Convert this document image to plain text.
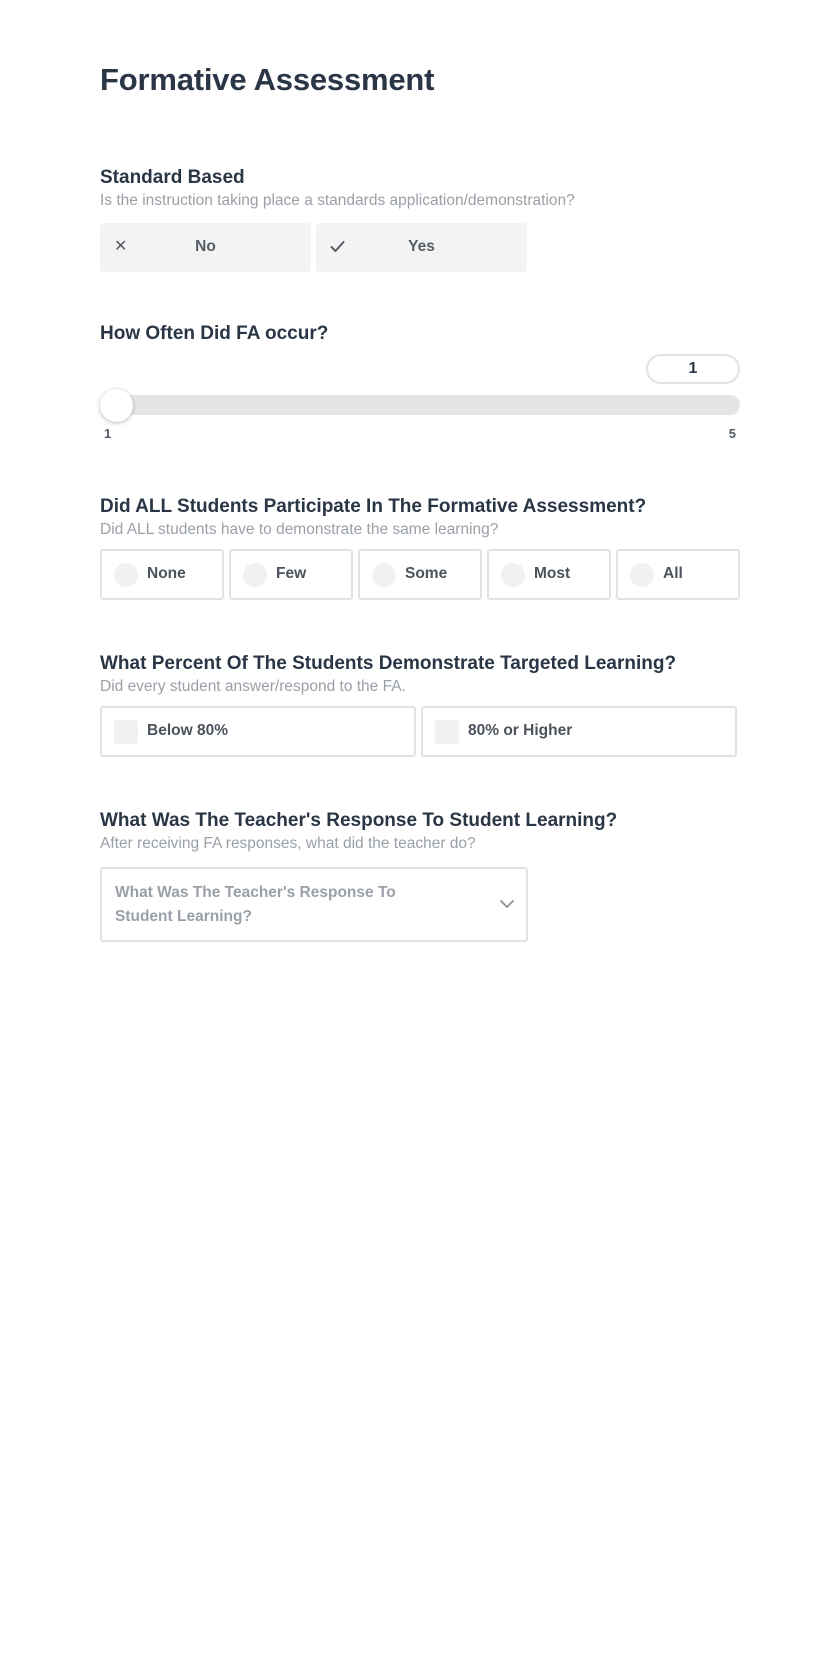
Formative Assessment
Standard Based

Is the instruction taking place a standards application/demonstration?

✕	No	Yes
How Often Did FA occur?
1
1	5
Did ALL Students Participate In The Formative Assessment?

Did ALL students have to demonstrate the same learning?

None	Few	Some	Most	All
What Percent Of The Students Demonstrate Targeted Learning?

Did every student answer/respond to the FA.

Below 80%	80% or Higher
What Was The Teacher's Response To Student Learning?

After receiving FA responses, what did the teacher do?

What Was The Teacher's Response To Student Learning?
